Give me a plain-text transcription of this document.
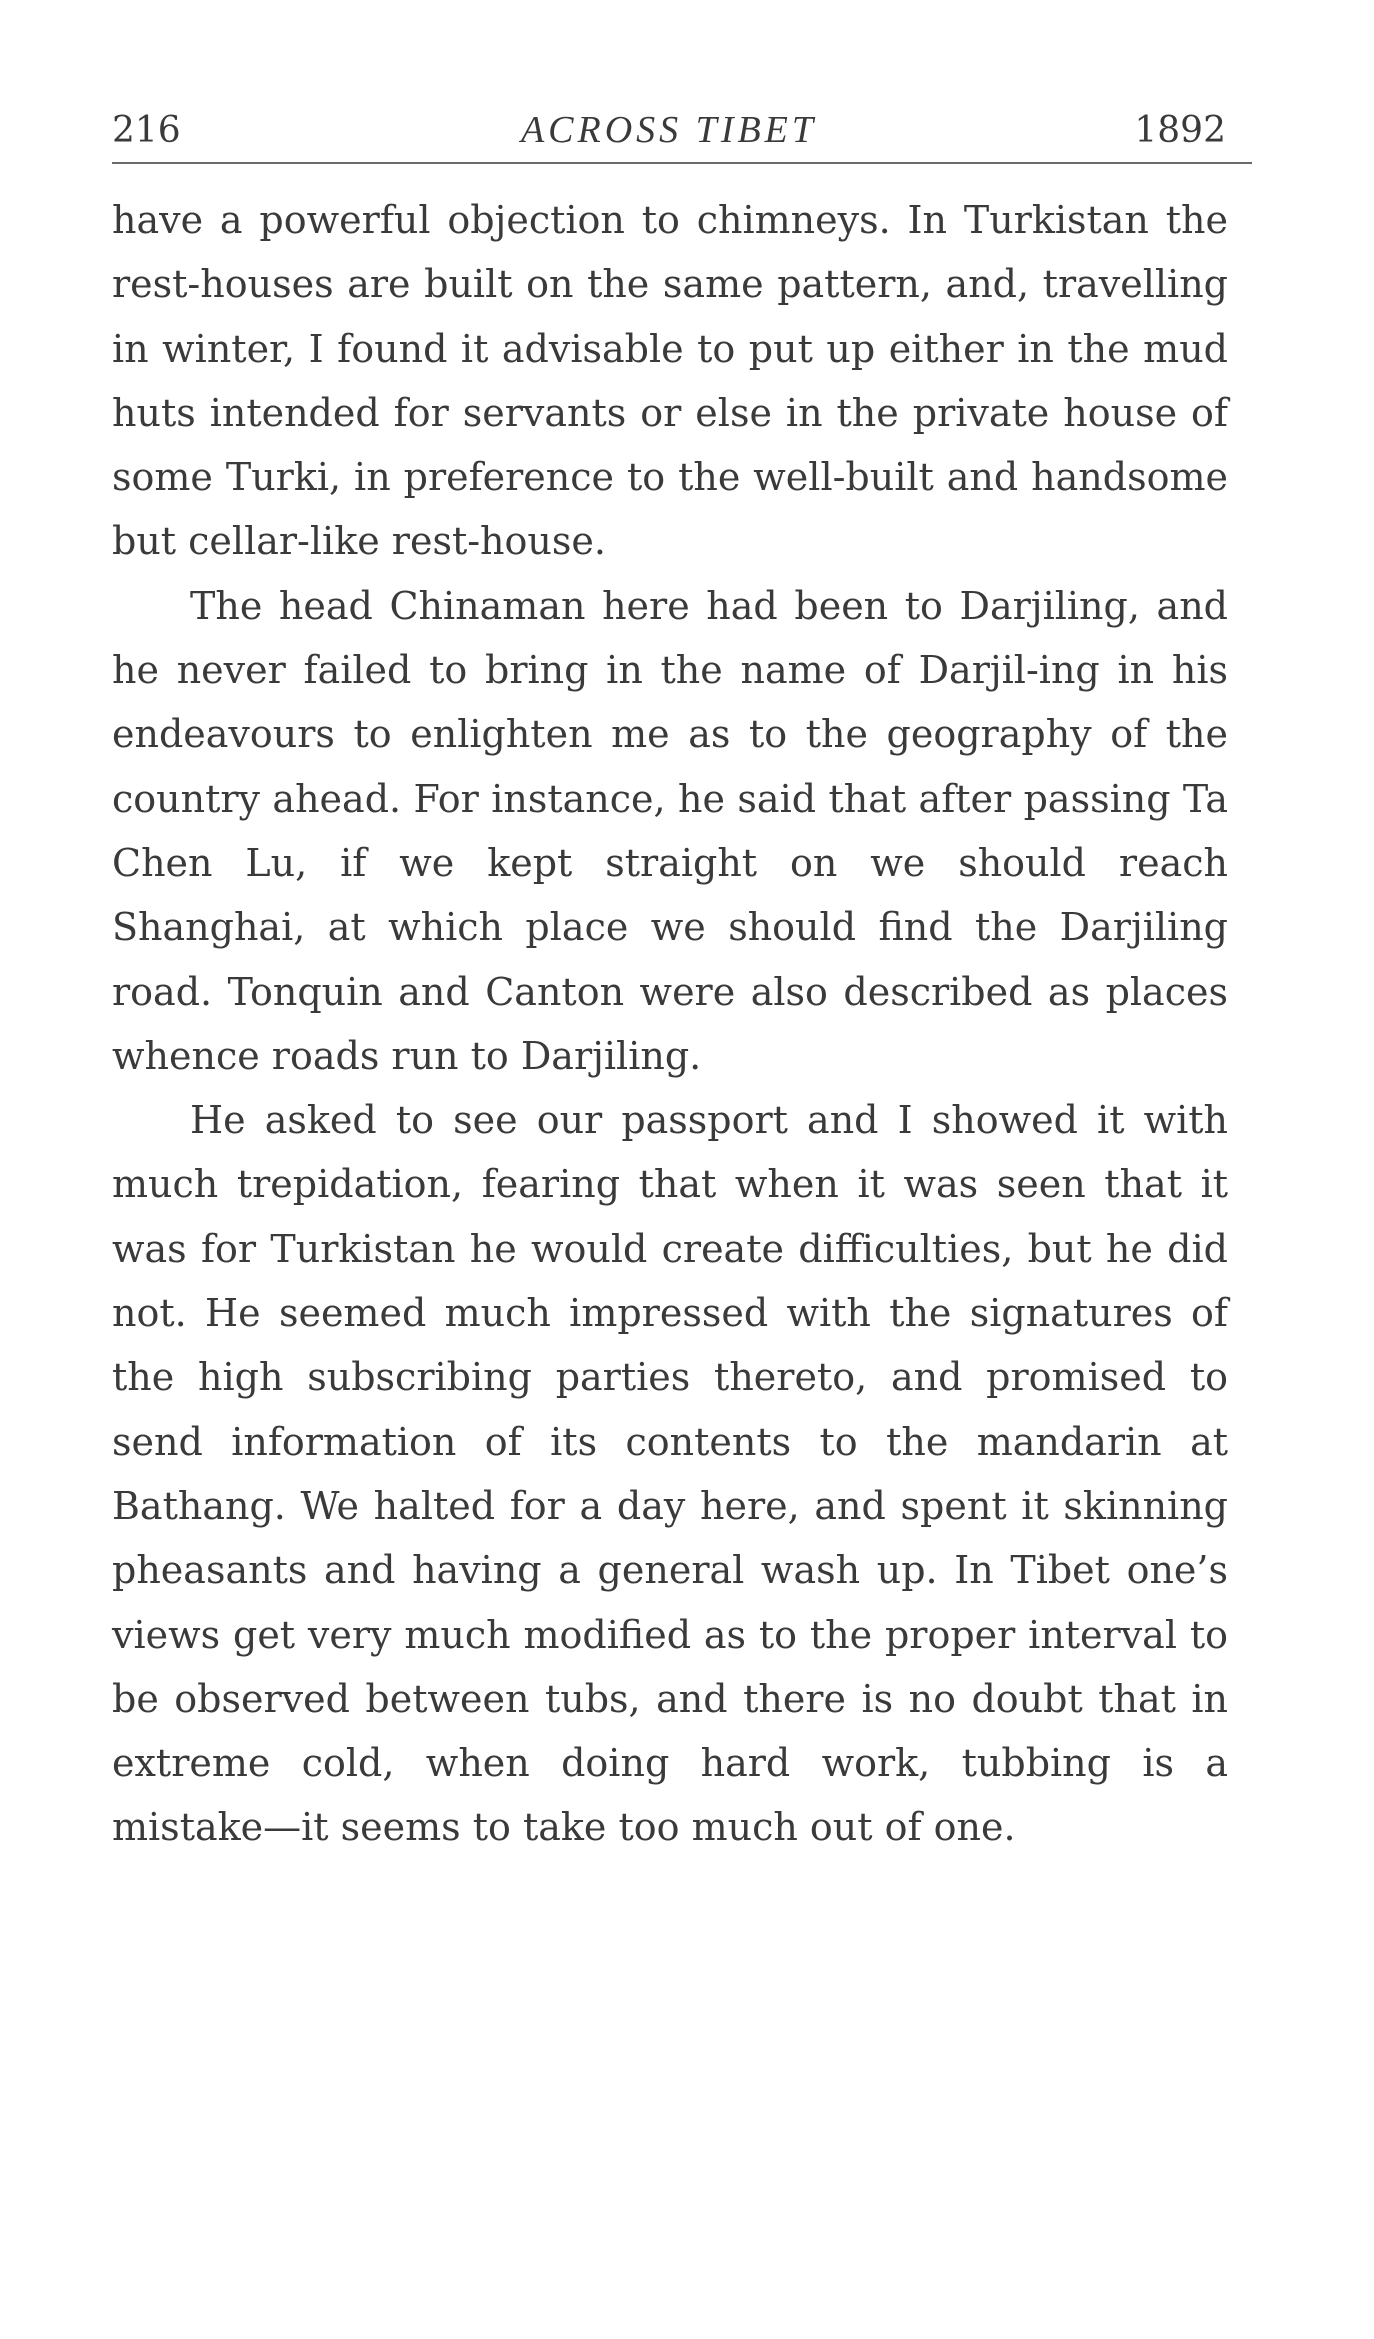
216	ACROSS TIBET	1892

have a powerful objection to chimneys. In Turkistan the rest-houses are built on the same pattern, and, travelling in winter, I found it advisable to put up either in the mud huts intended for servants or else in the private house of some Turki, in preference to the well-built and handsome but cellar-like rest-house.

The head Chinaman here had been to Darjiling, and he never failed to bring in the name of Darjil-ing in his endeavours to enlighten me as to the geography of the country ahead. For instance, he said that after passing Ta Chen Lu, if we kept straight on we should reach Shanghai, at which place we should find the Darjiling road. Tonquin and Canton were also described as places whence roads run to Darjiling.

He asked to see our passport and I showed it with much trepidation, fearing that when it was seen that it was for Turkistan he would create difficulties, but he did not. He seemed much impressed with the signatures of the high subscribing parties thereto, and promised to send information of its contents to the mandarin at Bathang. We halted for a day here, and spent it skinning pheasants and having a general wash up. In Tibet one’s views get very much modified as to the proper interval to be observed between tubs, and there is no doubt that in extreme cold, when doing hard work, tubbing is a mistake—it seems to take too much out of one.
